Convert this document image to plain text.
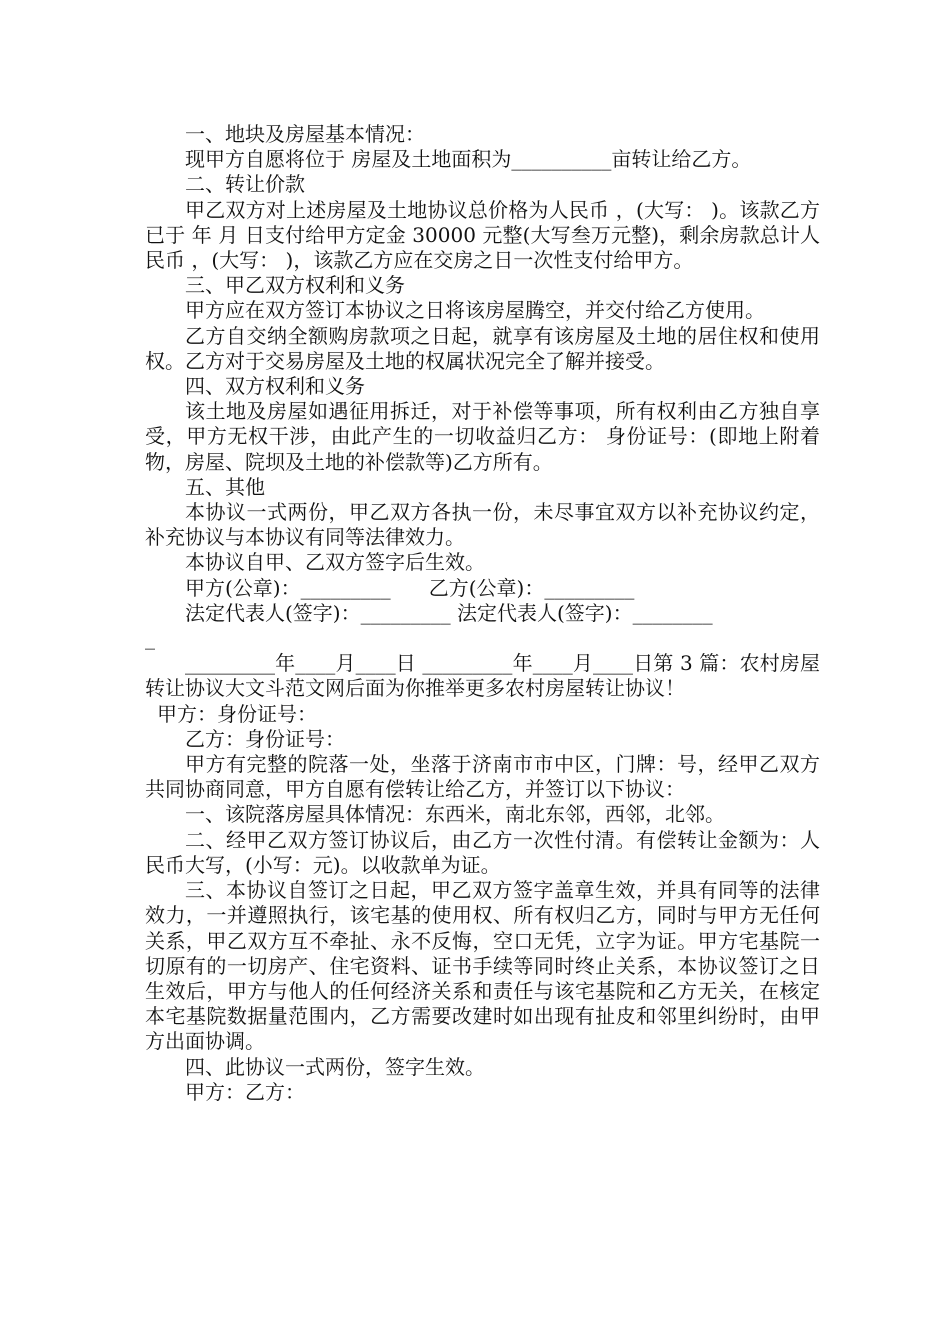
一、地块及房屋基本情况：

现甲方自愿将位于 房屋及土地面积为__________亩转让给乙方。

二、转让价款

甲乙双方对上述房屋及土地协议总价格为人民币 ，(大写： )。该款乙方已于 年 月 日支付给甲方定金 30000 元整(大写叁万元整)，剩余房款总计人民币 ，(大写： )，该款乙方应在交房之日一次性支付给甲方。

三、甲乙双方权利和义务

甲方应在双方签订本协议之日将该房屋腾空，并交付给乙方使用。

乙方自交纳全额购房款项之日起，就享有该房屋及土地的居住权和使用权。乙方对于交易房屋及土地的权属状况完全了解并接受。

四、双方权利和义务

该土地及房屋如遇征用拆迁，对于补偿等事项，所有权利由乙方独自享受，甲方无权干涉，由此产生的一切收益归乙方： 身份证号：(即地上附着物，房屋、院坝及土地的补偿款等)乙方所有。

五、其他

本协议一式两份，甲乙双方各执一份，未尽事宜双方以补充协议约定，补充协议与本协议有同等法律效力。

本协议自甲、乙双方签字后生效。

甲方(公章)：_________      乙方(公章)：_________

法定代表人(签字)：_________ 法定代表人(签字)：________

_

_________年____月____日 _________年____月____日第 3 篇：农村房屋转让协议大文斗范文网后面为你推举更多农村房屋转让协议！

甲方：身份证号：

乙方：身份证号：

甲方有完整的院落一处，坐落于济南市市中区，门牌：号，经甲乙双方共同协商同意，甲方自愿有偿转让给乙方，并签订以下协议：

一、该院落房屋具体情况：东西米，南北东邻，西邻，北邻。

二、经甲乙双方签订协议后，由乙方一次性付清。有偿转让金额为：人民币大写，(小写：元)。以收款单为证。

三、本协议自签订之日起，甲乙双方签字盖章生效，并具有同等的法律效力，一并遵照执行，该宅基的使用权、所有权归乙方，同时与甲方无任何关系，甲乙双方互不牵扯、永不反悔，空口无凭，立字为证。甲方宅基院一切原有的一切房产、住宅资料、证书手续等同时终止关系，本协议签订之日生效后，甲方与他人的任何经济关系和责任与该宅基院和乙方无关，在核定本宅基院数据量范围内，乙方需要改建时如出现有扯皮和邻里纠纷时，由甲方出面协调。

四、此协议一式两份，签字生效。

甲方：乙方：
